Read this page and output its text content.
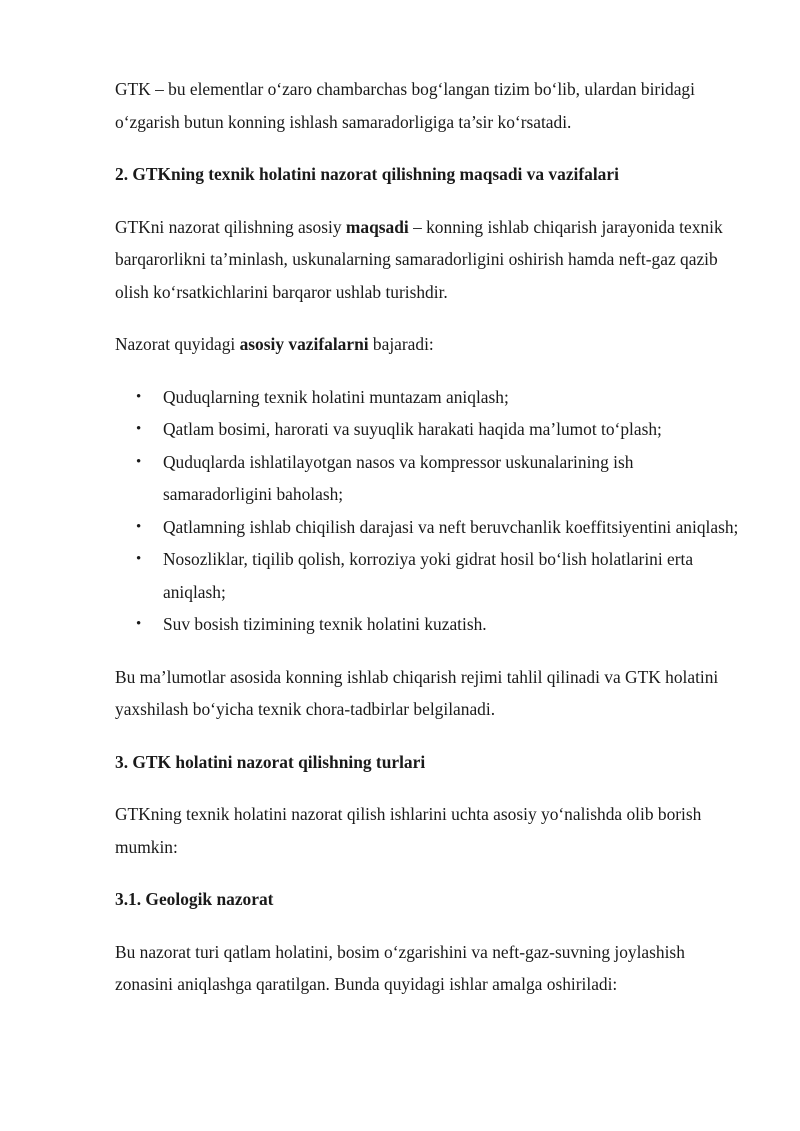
GTK – bu elementlar o‘zaro chambarchas bog‘langan tizim bo‘lib, ulardan biridagi o‘zgarish butun konning ishlash samaradorligiga ta’sir ko‘rsatadi.

2. GTKning texnik holatini nazorat qilishning maqsadi va vazifalari

GTKni nazorat qilishning asosiy maqsadi – konning ishlab chiqarish jarayonida texnik barqarorlikni ta’minlash, uskunalarning samaradorligini oshirish hamda neft-gaz qazib olish ko‘rsatkichlarini barqaror ushlab turishdir.

Nazorat quyidagi asosiy vazifalarni bajaradi:

• Quduqlarning texnik holatini muntazam aniqlash;
• Qatlam bosimi, harorati va suyuqlik harakati haqida ma’lumot to‘plash;
• Quduqlarda ishlatilayotgan nasos va kompressor uskunalarining ish samaradorligini baholash;
• Qatlamning ishlab chiqilish darajasi va neft beruvchanlik koeffitsiyentini aniqlash;
• Nosozliklar, tiqilib qolish, korroziya yoki gidrat hosil bo‘lish holatlarini erta aniqlash;
• Suv bosish tizimining texnik holatini kuzatish.

Bu ma’lumotlar asosida konning ishlab chiqarish rejimi tahlil qilinadi va GTK holatini yaxshilash bo‘yicha texnik chora-tadbirlar belgilanadi.

3. GTK holatini nazorat qilishning turlari

GTKning texnik holatini nazorat qilish ishlarini uchta asosiy yo‘nalishda olib borish mumkin:

3.1. Geologik nazorat

Bu nazorat turi qatlam holatini, bosim o‘zgarishini va neft-gaz-suvning joylashish zonasini aniqlashga qaratilgan. Bunda quyidagi ishlar amalga oshiriladi:
